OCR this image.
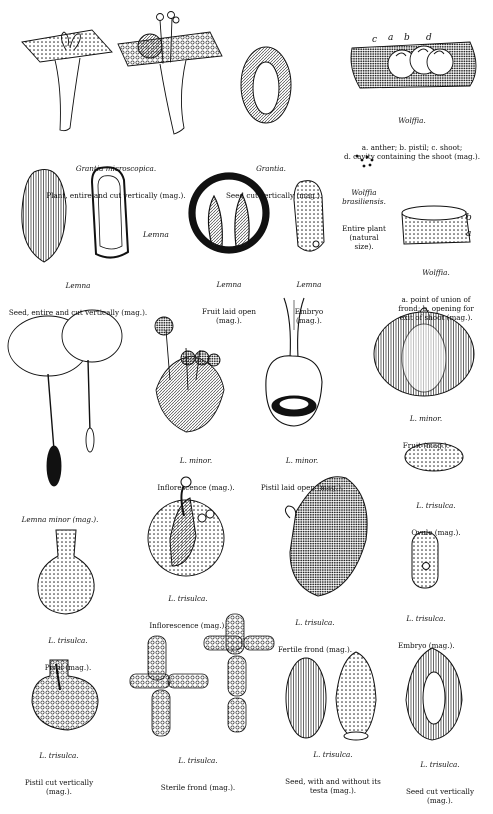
c a b d
Lemna
b
a

Grantia microscopica.

Plant, entire and cut vertically (mag.).

Grantia.

Seed cut vertically (mag.).

Wolffia.

a. anther; b. pistil; c. shoot;
d. cavity containing the shoot (mag.).

Wolffia
brasiliensis.

Entire plant
(natural
size).

Lemna

Seed, entire and cut vertically (mag.).

Lemna

Fruit laid open
(mag.).

Lemna

Embryo
(mag.).

Wolffia.

a. point of union of
frond; b. opening for
exit of shoot (mag.).

Lemna minor (mag.).

L. minor.

Inflorescence (mag.).

L. minor.

Pistil laid open (mag.).

L. minor.

Fruit (mag.).

L. trisulca.

Ovule (mag.).

L. trisulca.

Inflorescence (mag.).

	L. trisulca.

Fertile frond (mag.).

L. trisulca.

Pistil (mag.).

L. trisulca.

Embryo (mag.).

L. trisulca.

Pistil cut vertically
(mag.).

L. trisulca.

Sterile frond (mag.).

L. trisulca.

Seed, with and without its
testa (mag.).

L. trisulca.

Seed cut vertically
(mag.).
